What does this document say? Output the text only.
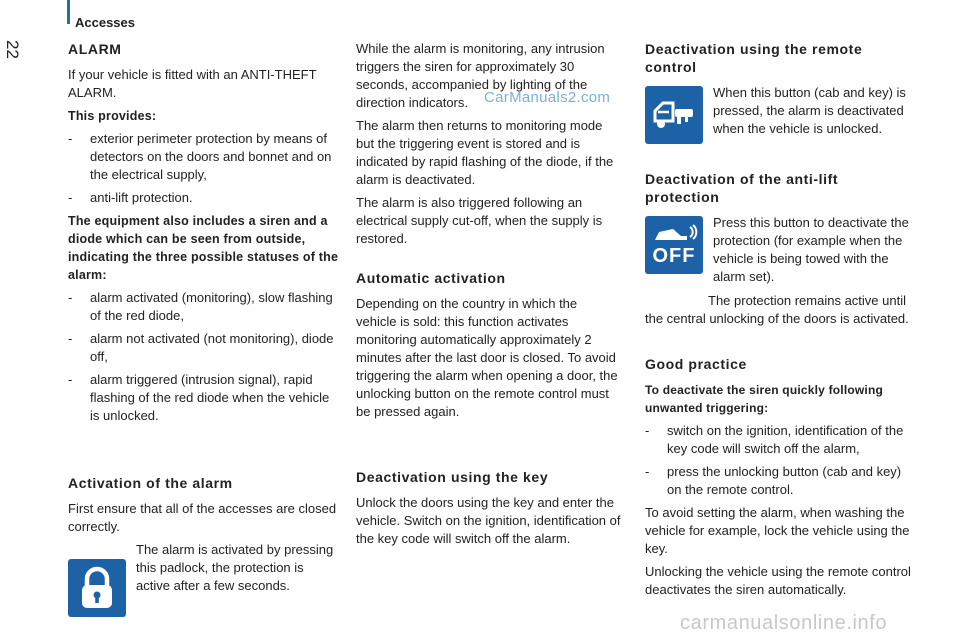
Accesses
22
CarManuals2.com
carmanualsonline.info
ALARM

If your vehicle is fitted with an ANTI-THEFT ALARM.

This provides:

- exterior perimeter protection by means of detectors on the doors and bonnet and on the electrical supply,
- anti-lift protection.

The equipment also includes a siren and a diode which can be seen from outside, indicating the three possible statuses of the alarm:

- alarm activated (monitoring), slow flashing of the red diode,
- alarm not activated (not monitoring), diode off,
- alarm triggered (intrusion signal), rapid flashing of the red diode when the vehicle is unlocked.
Activation of the alarm

First ensure that all of the accesses are closed correctly.

The alarm is activated by pressing this padlock, the protection is active after a few seconds.

While the alarm is monitoring, any intrusion triggers the siren for approximately 30 seconds, accompanied by lighting of the direction indicators.

The alarm then returns to monitoring mode but the triggering event is stored and is indicated by rapid flashing of the diode, if the alarm is deactivated.

The alarm is also triggered following an electrical supply cut-off, when the supply is restored.

Automatic activation

Depending on the country in which the vehicle is sold: this function activates monitoring automatically approximately 2 minutes after the last door is closed. To avoid triggering the alarm when opening a door, the unlocking button on the remote control must be pressed again.

Deactivation using the key

Unlock the doors using the key and enter the vehicle. Switch on the ignition, identification of the key code will switch off the alarm.

Deactivation using the remote control

When this button (cab and key) is pressed, the alarm is deactivated when the vehicle is unlocked.

Deactivation of the anti-lift protection
OFF

Press this button to deactivate the protection (for example when the vehicle is being towed with the alarm set).

The protection remains active until the central unlocking of the doors is activated.

Good practice

To deactivate the siren quickly following unwanted triggering:

- switch on the ignition, identification of the key code will switch off the alarm,
- press the unlocking button (cab and key) on the remote control.

To avoid setting the alarm, when washing the vehicle for example, lock the vehicle using the key.

Unlocking the vehicle using the remote control deactivates the siren automatically.
